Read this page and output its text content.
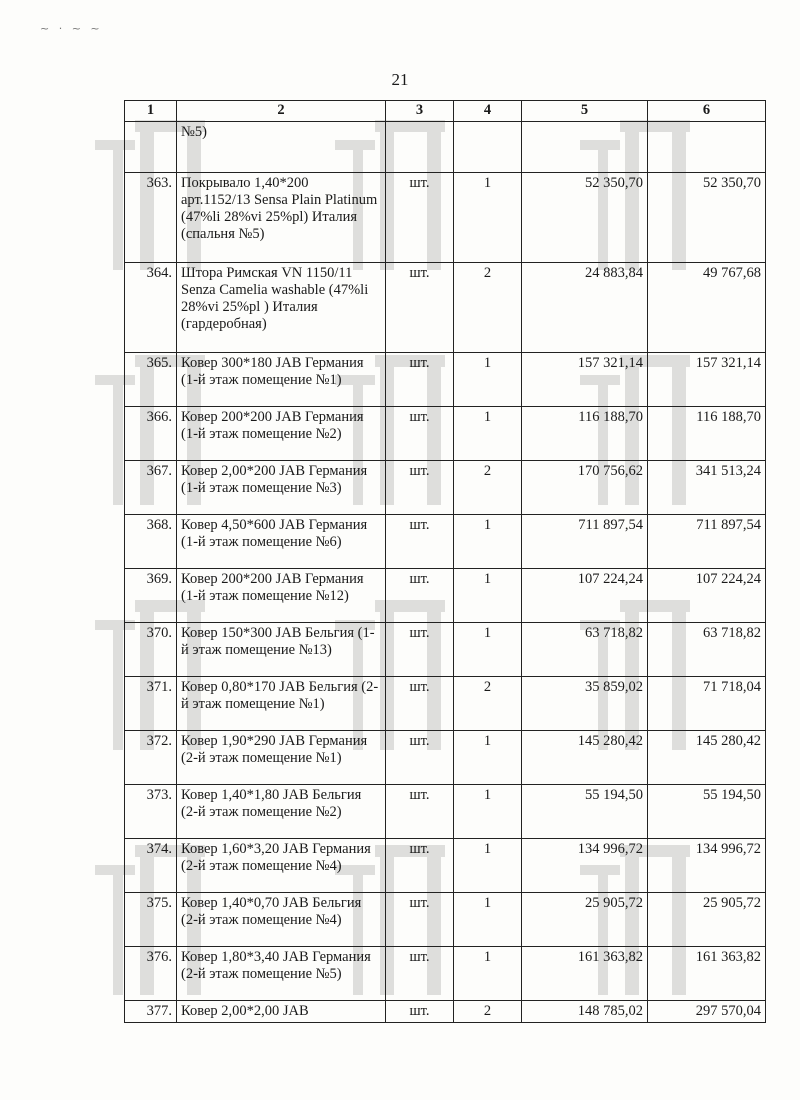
~ · ~ ~
21
1	2	3	4	5	6
	№5)				
363.	Покрывало 1,40*200 арт.1152/13 Sensa Plain Platinum (47%li 28%vi 25%pl) Италия (спальня №5)	шт.	1	52 350,70	52 350,70
364.	Штора Римская VN 1150/11 Senza Camelia washable (47%li 28%vi 25%pl ) Италия (гардеробная)	шт.	2	24 883,84	49 767,68
365.	Ковер 300*180 JAB Германия (1-й этаж помещение №1)	шт.	1	157 321,14	157 321,14
366.	Ковер 200*200 JAB Германия (1-й этаж помещение №2)	шт.	1	116 188,70	116 188,70
367.	Ковер 2,00*200 JAB Германия (1-й этаж помещение №3)	шт.	2	170 756,62	341 513,24
368.	Ковер 4,50*600 JAB Германия (1-й этаж помещение №6)	шт.	1	711 897,54	711 897,54
369.	Ковер 200*200 JAB Германия (1-й этаж помещение №12)	шт.	1	107 224,24	107 224,24
370.	Ковер 150*300 JAB Бельгия (1-й этаж помещение №13)	шт.	1	63 718,82	63 718,82
371.	Ковер 0,80*170 JAB Бельгия (2-й этаж помещение №1)	шт.	2	35 859,02	71 718,04
372.	Ковер 1,90*290 JAB Германия (2-й этаж помещение №1)	шт.	1	145 280,42	145 280,42
373.	Ковер 1,40*1,80 JAB Бельгия (2-й этаж помещение №2)	шт.	1	55 194,50	55 194,50
374.	Ковер 1,60*3,20 JAB Германия (2-й этаж помещение №4)	шт.	1	134 996,72	134 996,72
375.	Ковер 1,40*0,70 JAB Бельгия (2-й этаж помещение №4)	шт.	1	25 905,72	25 905,72
376.	Ковер 1,80*3,40 JAB Германия (2-й этаж помещение №5)	шт.	1	161 363,82	161 363,82
377.	Ковер 2,00*2,00 JAB	шт.	2	148 785,02	297 570,04
